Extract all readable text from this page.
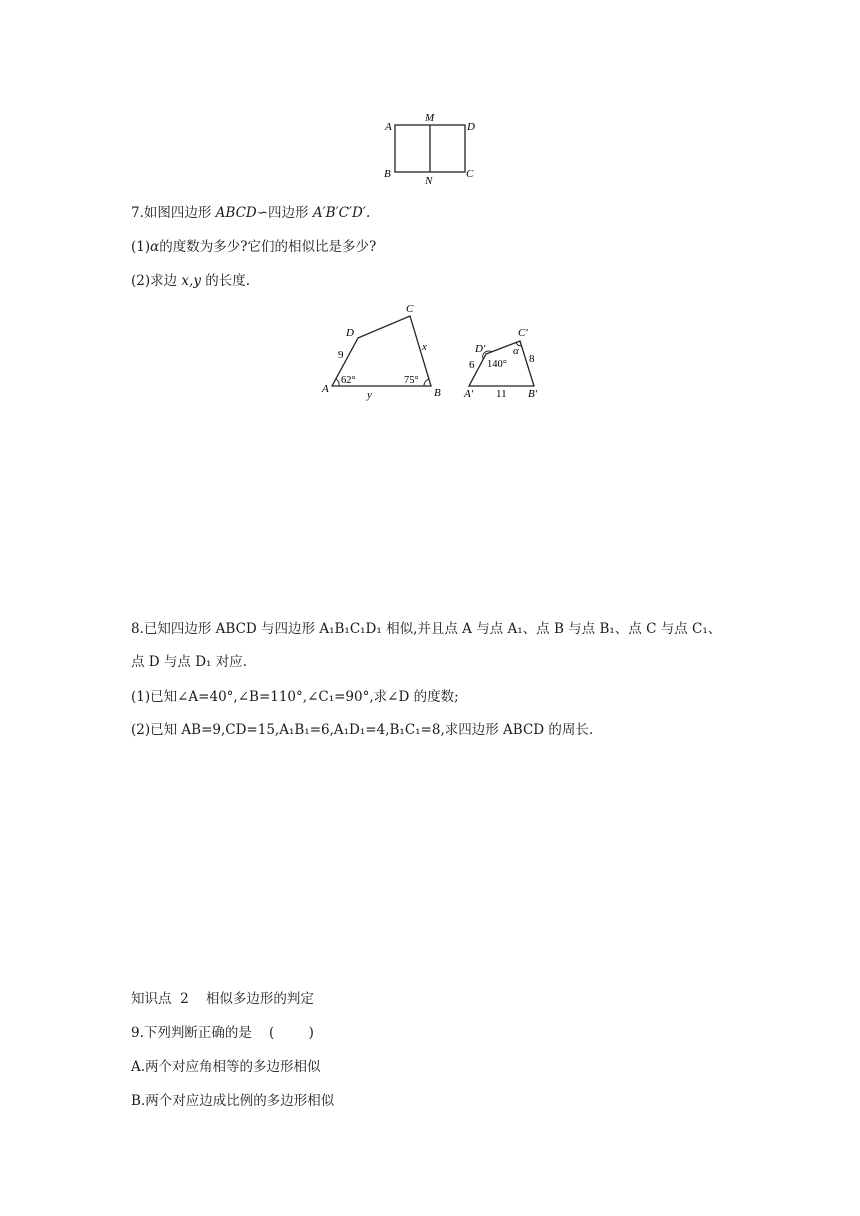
A
M
D
B
N
C
7.如图四边形 ABCD∽四边形 A′B′C′D′.
(1)α的度数为多少?它们的相似比是多少?
(2)求边 x,y 的长度.
A	B
C
D
9
x
y
62°	75°
A′	B′
C′
D′
6	8
11
140°
α
8.已知四边形 ABCD 与四边形 A₁B₁C₁D₁ 相似,并且点 A 与点 A₁、点 B 与点 B₁、点 C 与点 C₁、
点 D 与点 D₁ 对应.
(1)已知∠A=40°,∠B=110°,∠C₁=90°,求∠D 的度数;
(2)已知 AB=9,CD=15,A₁B₁=6,A₁D₁=4,B₁C₁=8,求四边形 ABCD 的周长.
知识点  2    相似多边形的判定
9.下列判断正确的是    (        )
A.两个对应角相等的多边形相似
B.两个对应边成比例的多边形相似
